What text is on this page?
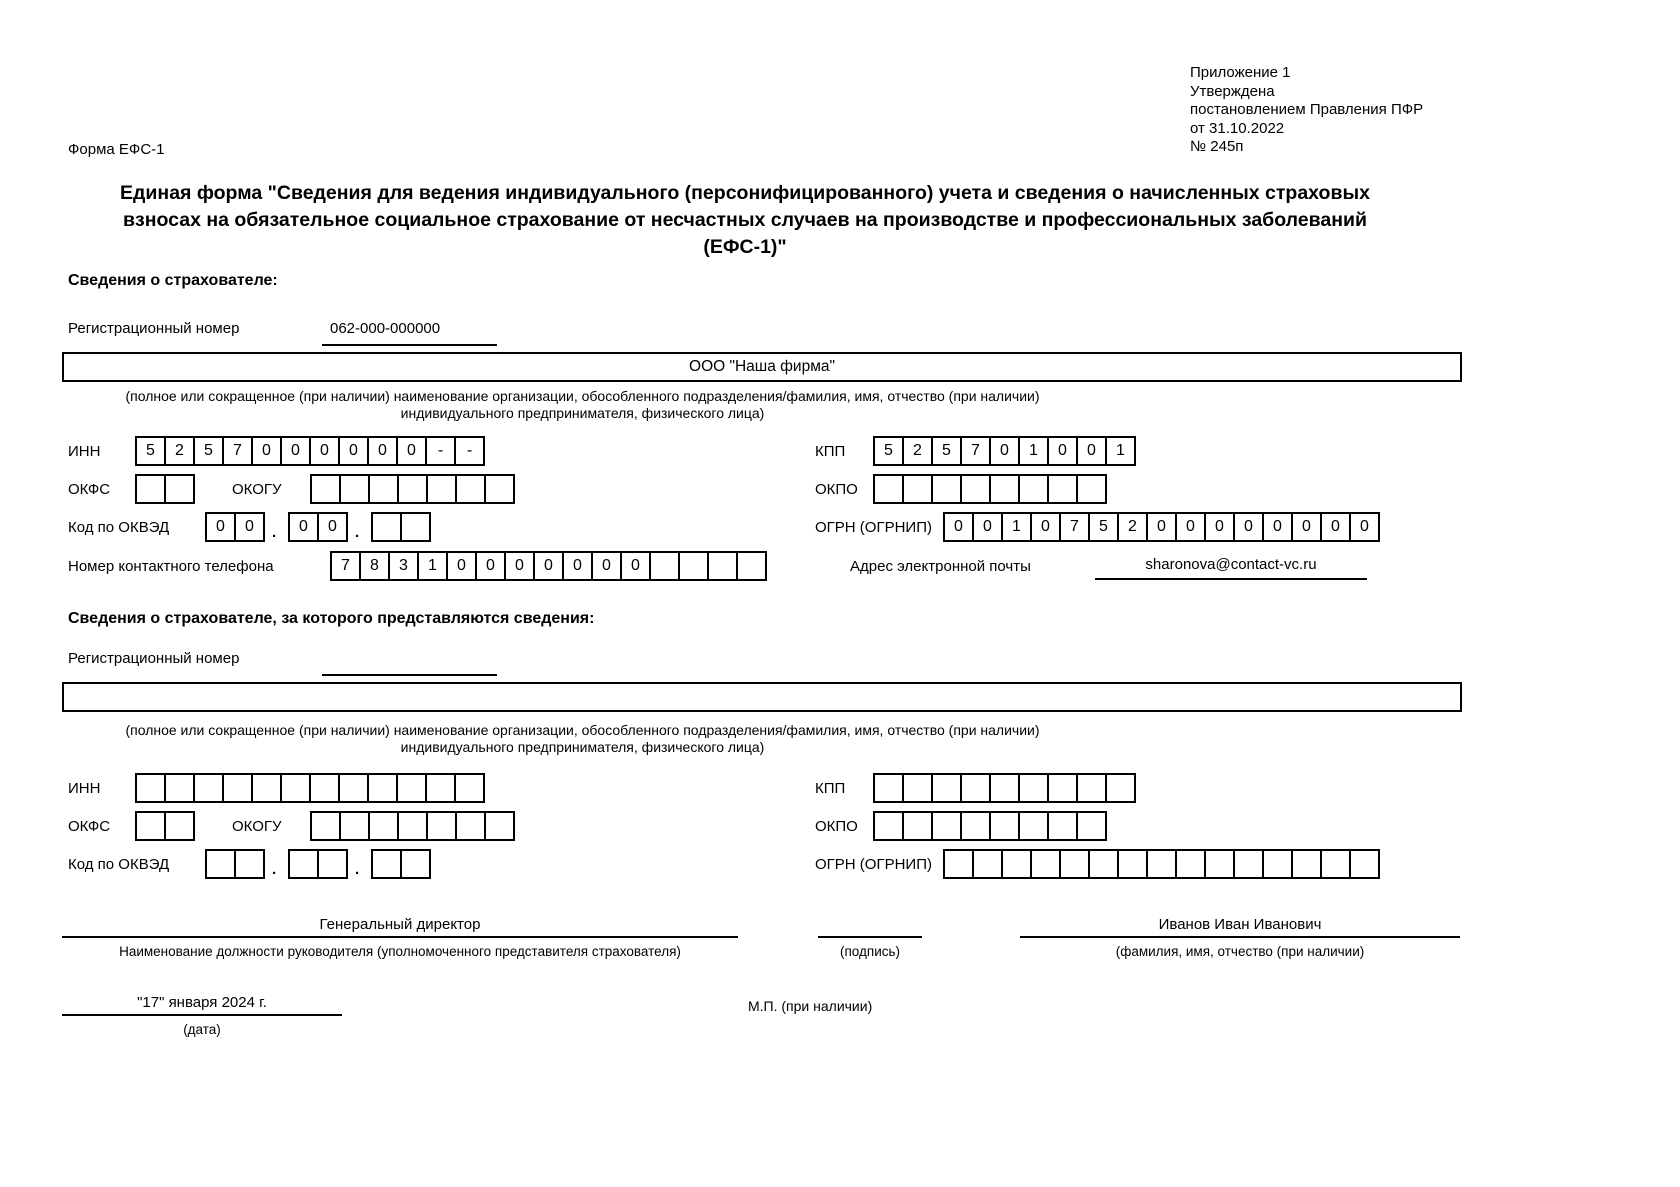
Приложение 1
Утверждена
постановлением Правления ПФР
от 31.10.2022
№ 245п
Форма ЕФС-1
Единая форма "Сведения для ведения индивидуального (персонифицированного) учета и сведения о начисленных страховых
взносах на обязательное социальное страхование от несчастных случаев на производстве и профессиональных заболеваний
(ЕФС-1)"
Сведения о страхователе:
Регистрационный номер	062-000-000000
ООО "Наша фирма"
(полное или сокращенное (при наличии) наименование организации, обособленного подразделения/фамилия, имя, отчество (при наличии) индивидуального предпринимателя, физического лица)
ИНН	5	2	5	7	0	0	0	0	0	0	-	-	КПП	5	2	5	7	0	1	0	0	1
ОКФС	ОКОГУ	ОКПО
Код по ОКВЭД	0	0	.	0	0	.	ОГРН (ОГРНИП)	0	0	1	0	7	5	2	0	0	0	0	0	0	0	0
Номер контактного телефона	7	8	3	1	0	0	0	0	0	0	0	Адрес электронной почты	sharonova@contact-vc.ru
Сведения о страхователе, за которого представляются сведения:
Регистрационный номер
(полное или сокращенное (при наличии) наименование организации, обособленного подразделения/фамилия, имя, отчество (при наличии) индивидуального предпринимателя, физического лица)
ИНН	КПП
ОКФС	ОКОГУ	ОКПО
Код по ОКВЭД	.	.	ОГРН (ОГРНИП)
Генеральный директор
Наименование должности руководителя (уполномоченного представителя страхователя)	(подпись)
Иванов Иван Иванович
(фамилия, имя, отчество (при наличии)
"17" января 2024 г.
(дата)
М.П. (при наличии)
